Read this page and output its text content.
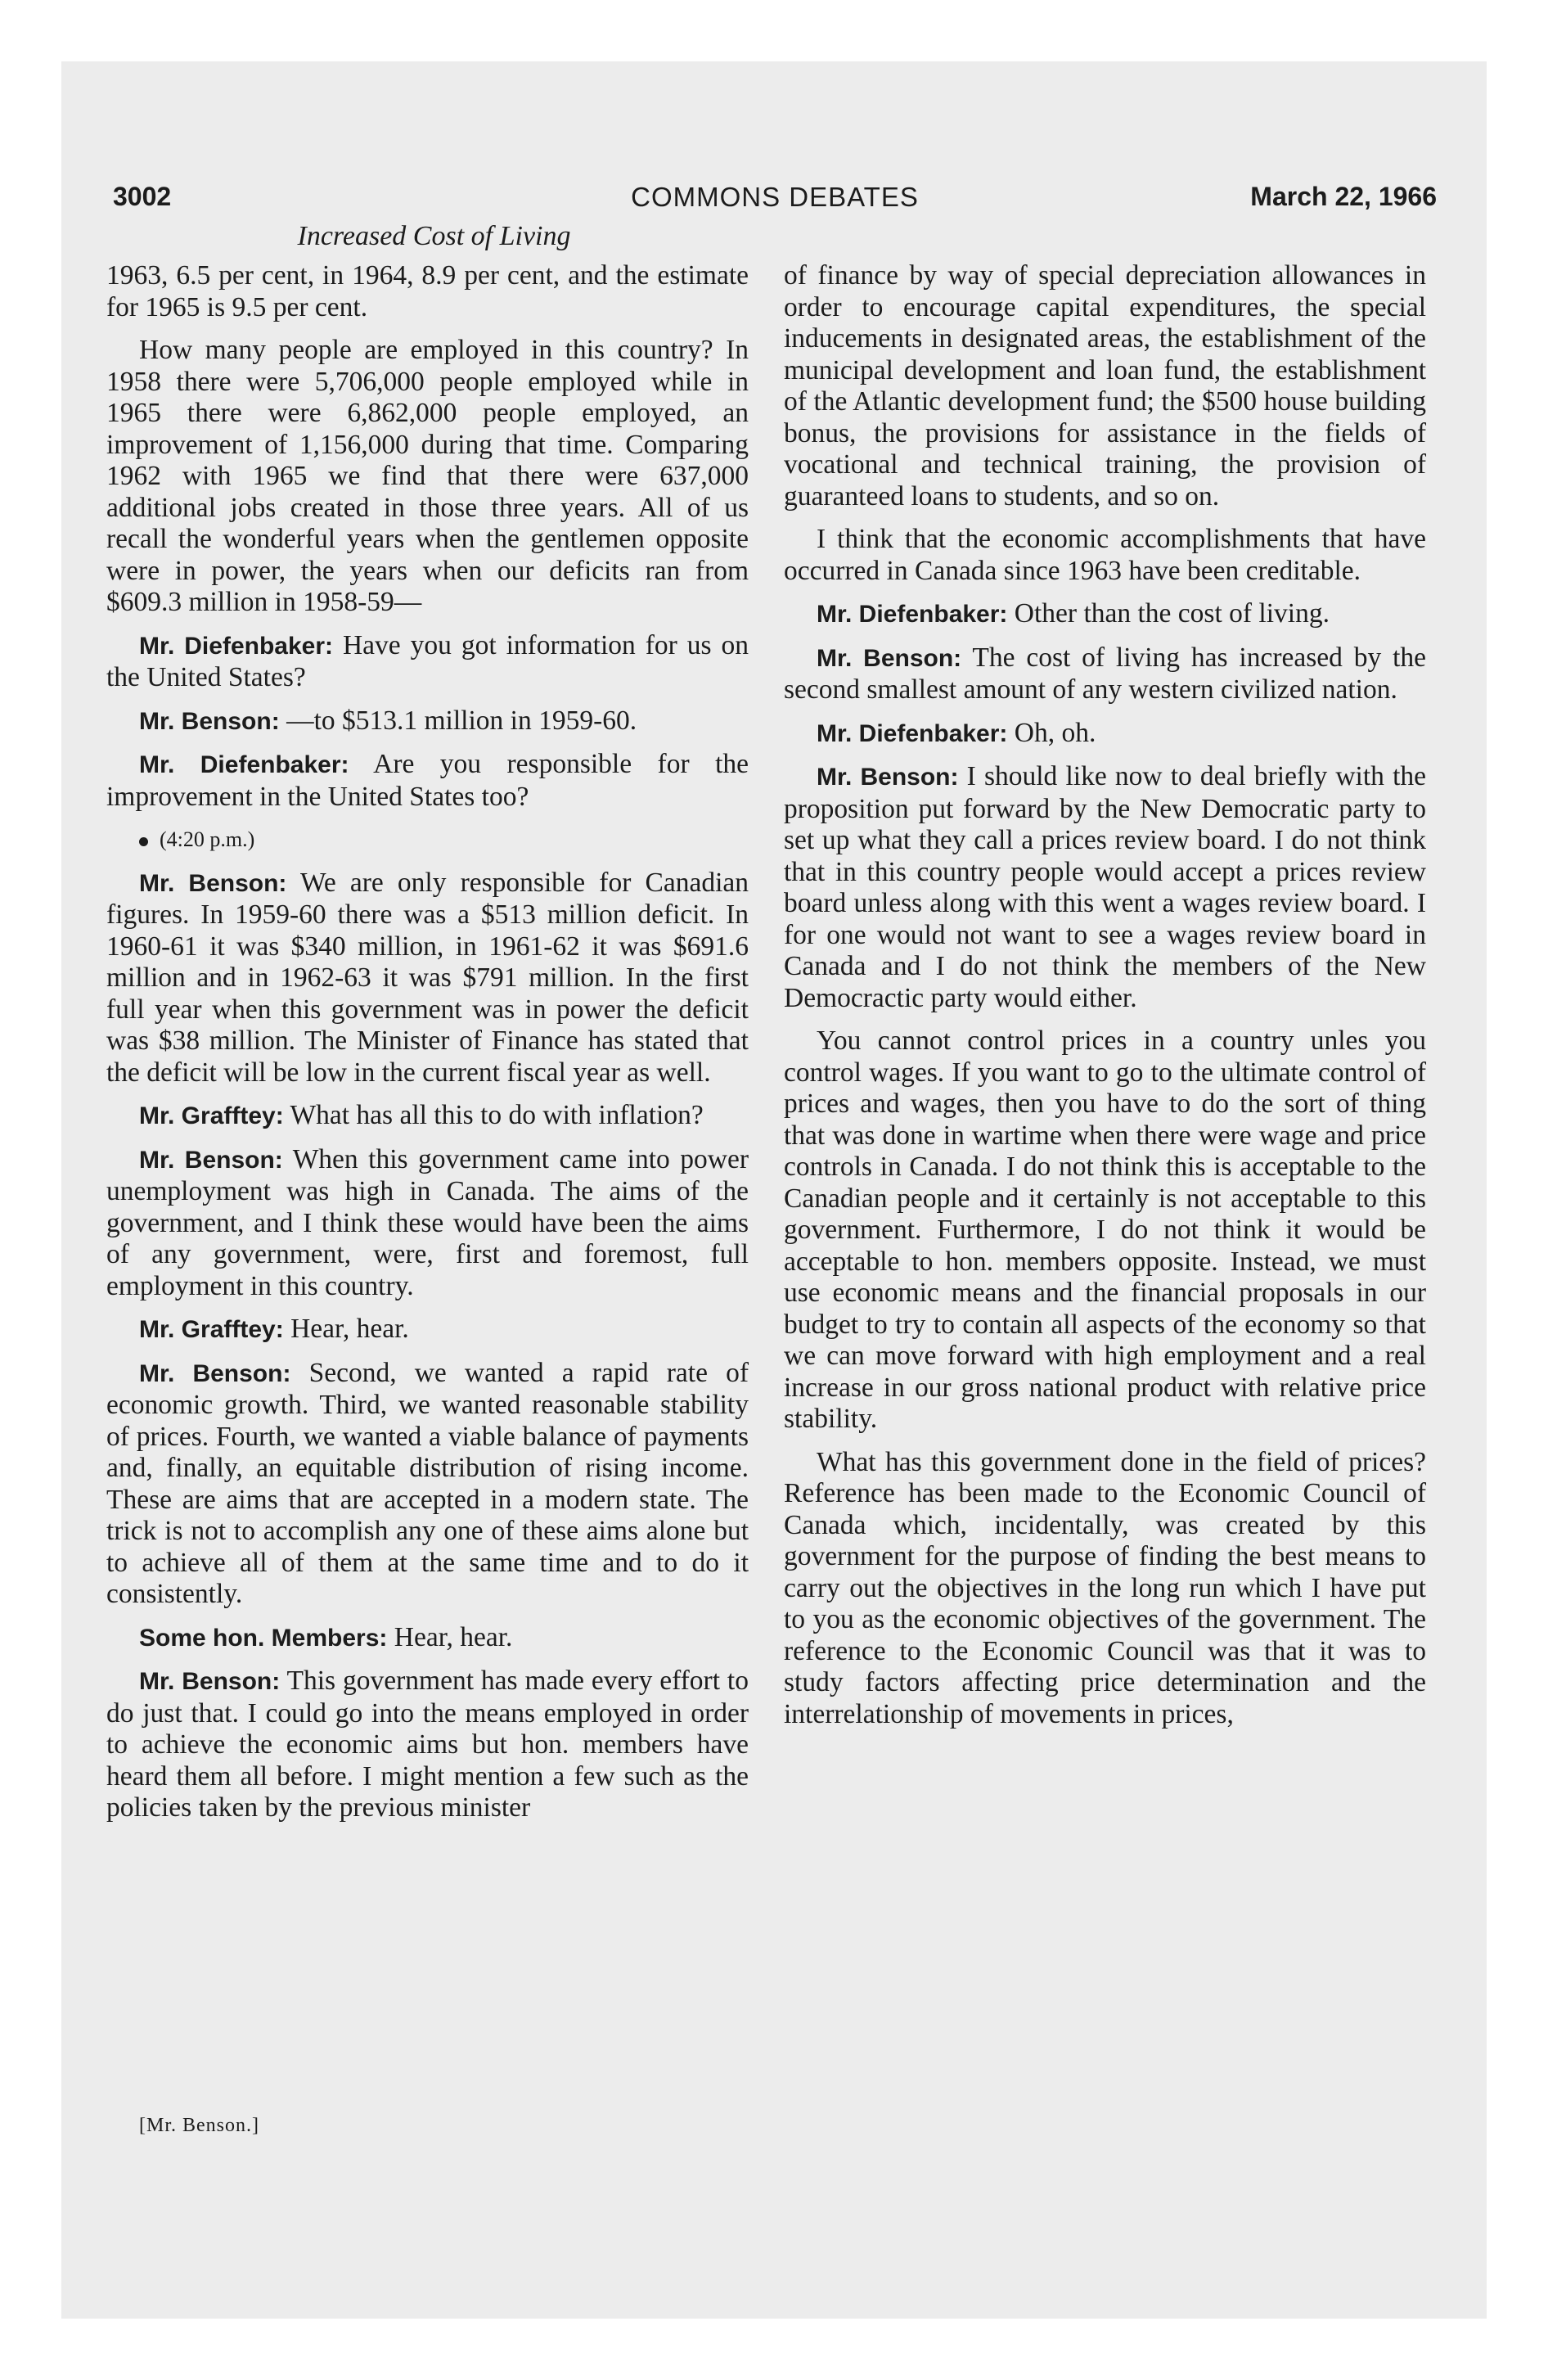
3002	COMMONS DEBATES	March 22, 1966
Increased Cost of Living

1963, 6.5 per cent, in 1964, 8.9 per cent, and the estimate for 1965 is 9.5 per cent.

How many people are employed in this country? In 1958 there were 5,706,000 people employed while in 1965 there were 6,862,000 people employed, an improvement of 1,156,000 during that time. Comparing 1962 with 1965 we find that there were 637,000 additional jobs created in those three years. All of us recall the wonderful years when the gentlemen opposite were in power, the years when our deficits ran from $609.3 million in 1958-59—

Mr. Diefenbaker: Have you got information for us on the United States?

Mr. Benson: —to $513.1 million in 1959-60.

Mr. Diefenbaker: Are you responsible for the improvement in the United States too?

(4:20 p.m.)

Mr. Benson: We are only responsible for Canadian figures. In 1959-60 there was a $513 million deficit. In 1960-61 it was $340 million, in 1961-62 it was $691.6 million and in 1962-63 it was $791 million. In the first full year when this government was in power the deficit was $38 million. The Minister of Finance has stated that the deficit will be low in the current fiscal year as well.

Mr. Grafftey: What has all this to do with inflation?

Mr. Benson: When this government came into power unemployment was high in Canada. The aims of the government, and I think these would have been the aims of any government, were, first and foremost, full employment in this country.

Mr. Grafftey: Hear, hear.

Mr. Benson: Second, we wanted a rapid rate of economic growth. Third, we wanted reasonable stability of prices. Fourth, we wanted a viable balance of payments and, finally, an equitable distribution of rising income. These are aims that are accepted in a modern state. The trick is not to accomplish any one of these aims alone but to achieve all of them at the same time and to do it consistently.

Some hon. Members: Hear, hear.

Mr. Benson: This government has made every effort to do just that. I could go into the means employed in order to achieve the economic aims but hon. members have heard them all before. I might mention a few such as the policies taken by the previous minister

of finance by way of special depreciation allowances in order to encourage capital expenditures, the special inducements in designated areas, the establishment of the municipal development and loan fund, the establishment of the Atlantic development fund; the $500 house building bonus, the provisions for assistance in the fields of vocational and technical training, the provision of guaranteed loans to students, and so on.

I think that the economic accomplishments that have occurred in Canada since 1963 have been creditable.

Mr. Diefenbaker: Other than the cost of living.

Mr. Benson: The cost of living has increased by the second smallest amount of any western civilized nation.

Mr. Diefenbaker: Oh, oh.

Mr. Benson: I should like now to deal briefly with the proposition put forward by the New Democratic party to set up what they call a prices review board. I do not think that in this country people would accept a prices review board unless along with this went a wages review board. I for one would not want to see a wages review board in Canada and I do not think the members of the New Democractic party would either.

You cannot control prices in a country unles you control wages. If you want to go to the ultimate control of prices and wages, then you have to do the sort of thing that was done in wartime when there were wage and price controls in Canada. I do not think this is acceptable to the Canadian people and it certainly is not acceptable to this government. Furthermore, I do not think it would be acceptable to hon. members opposite. Instead, we must use economic means and the financial proposals in our budget to try to contain all aspects of the economy so that we can move forward with high employment and a real increase in our gross national product with relative price stability.

What has this government done in the field of prices? Reference has been made to the Economic Council of Canada which, incidentally, was created by this government for the purpose of finding the best means to carry out the objectives in the long run which I have put to you as the economic objectives of the government. The reference to the Economic Council was that it was to study factors affecting price determination and the interrelationship of movements in prices,

[Mr. Benson.]
